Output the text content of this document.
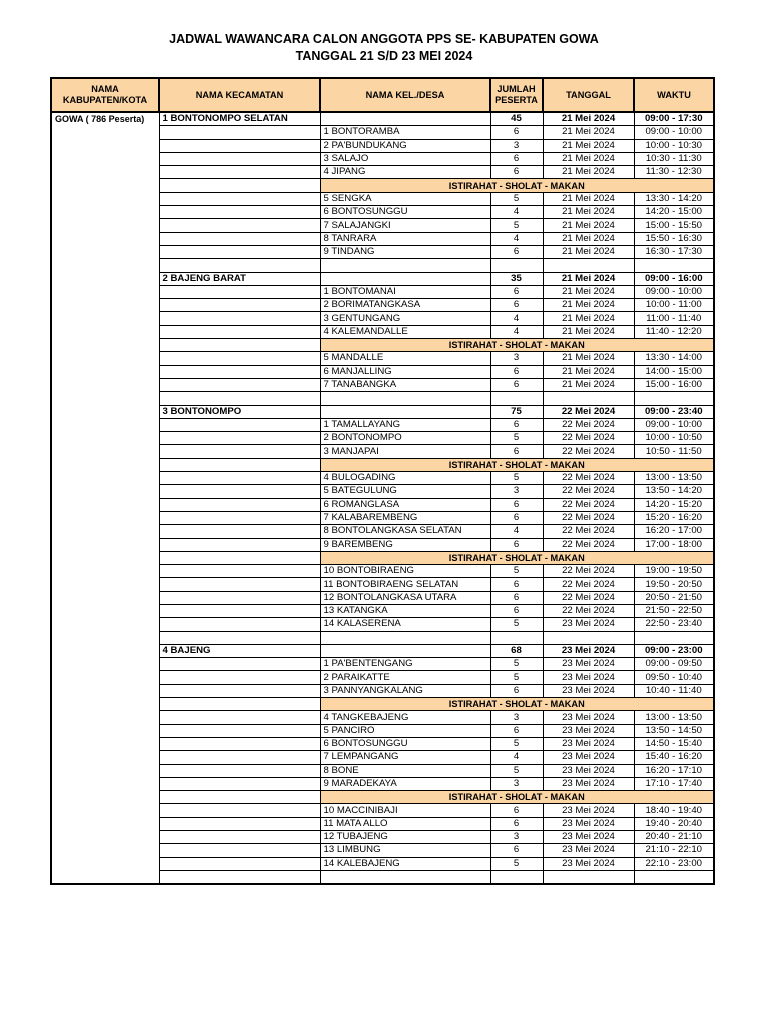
JADWAL WAWANCARA CALON ANGGOTA PPS SE- KABUPATEN GOWA
TANGGAL 21 S/D 23 MEI 2024
NAMA KABUPATEN/KOTA	NAMA KECAMATAN	NAMA KEL./DESA	JUMLAH PESERTA	TANGGAL	WAKTU
GOWA ( 786 Peserta)	1 BONTONOMPO SELATAN		45	21 Mei 2024	09:00 - 17:30
		1 BONTORAMBA	6	21 Mei 2024	09:00 - 10:00
		2 PA'BUNDUKANG	3	21 Mei 2024	10:00 - 10:30
		3 SALAJO	6	21 Mei 2024	10:30 - 11:30
		4 JIPANG	6	21 Mei 2024	11:30 - 12:30
		ISTIRAHAT - SHOLAT - MAKAN			
		5 SENGKA	5	21 Mei 2024	13:30 - 14:20
		6 BONTOSUNGGU	4	21 Mei 2024	14:20 - 15:00
		7 SALAJANGKI	5	21 Mei 2024	15:00 - 15:50
		8 TANRARA	4	21 Mei 2024	15:50 - 16:30
		9 TINDANG	6	21 Mei 2024	16:30 - 17:30

	2 BAJENG BARAT		35	21 Mei 2024	09:00 - 16:00
		1 BONTOMANAI	6	21 Mei 2024	09:00 - 10:00
		2 BORIMATANGKASA	6	21 Mei 2024	10:00 - 11:00
		3 GENTUNGANG	4	21 Mei 2024	11:00 - 11:40
		4 KALEMANDALLE	4	21 Mei 2024	11:40 - 12:20
		ISTIRAHAT - SHOLAT - MAKAN			
		5 MANDALLE	3	21 Mei 2024	13:30 - 14:00
		6 MANJALLING	6	21 Mei 2024	14:00 - 15:00
		7 TANABANGKA	6	21 Mei 2024	15:00 - 16:00

	3 BONTONOMPO		75	22 Mei 2024	09:00 - 23:40
		1 TAMALLAYANG	6	22 Mei 2024	09:00 - 10:00
		2 BONTONOMPO	5	22 Mei 2024	10:00 - 10:50
		3 MANJAPAI	6	22 Mei 2024	10:50 - 11:50
		ISTIRAHAT - SHOLAT - MAKAN			
		4 BULOGADING	5	22 Mei 2024	13:00 - 13:50
		5 BATEGULUNG	3	22 Mei 2024	13:50 - 14:20
		6 ROMANGLASA	6	22 Mei 2024	14:20 - 15:20
		7 KALABAREMBENG	6	22 Mei 2024	15:20 - 16:20
		8 BONTOLANGKASA SELATAN	4	22 Mei 2024	16:20 - 17:00
		9 BAREMBENG	6	22 Mei 2024	17:00 - 18:00
		ISTIRAHAT - SHOLAT - MAKAN			
		10 BONTOBIRAENG	5	22 Mei 2024	19:00 - 19:50
		11 BONTOBIRAENG SELATAN	6	22 Mei 2024	19:50 - 20:50
		12 BONTOLANGKASA UTARA	6	22 Mei 2024	20:50 - 21:50
		13 KATANGKA	6	22 Mei 2024	21:50 - 22:50
		14 KALASERENA	5	23 Mei 2024	22:50 - 23:40

	4 BAJENG		68	23 Mei 2024	09:00 - 23:00
		1 PA'BENTENGANG	5	23 Mei 2024	09:00 - 09:50
		2 PARAIKATTE	5	23 Mei 2024	09:50 - 10:40
		3 PANNYANGKALANG	6	23 Mei 2024	10:40 - 11:40
		ISTIRAHAT - SHOLAT - MAKAN			
		4 TANGKEBAJENG	3	23 Mei 2024	13:00 - 13:50
		5 PANCIRO	6	23 Mei 2024	13:50 - 14:50
		6 BONTOSUNGGU	5	23 Mei 2024	14:50 - 15:40
		7 LEMPANGANG	4	23 Mei 2024	15:40 - 16:20
		8 BONE	5	23 Mei 2024	16:20 - 17:10
		9 MARADEKAYA	3	23 Mei 2024	17:10 - 17:40
		ISTIRAHAT - SHOLAT - MAKAN			
		10 MACCINIBAJI	6	23 Mei 2024	18:40 - 19:40
		11 MATA ALLO	6	23 Mei 2024	19:40 - 20:40
		12 TUBAJENG	3	23 Mei 2024	20:40 - 21:10
		13 LIMBUNG	6	23 Mei 2024	21:10 - 22:10
		14 KALEBAJENG	5	23 Mei 2024	22:10 - 23:00
